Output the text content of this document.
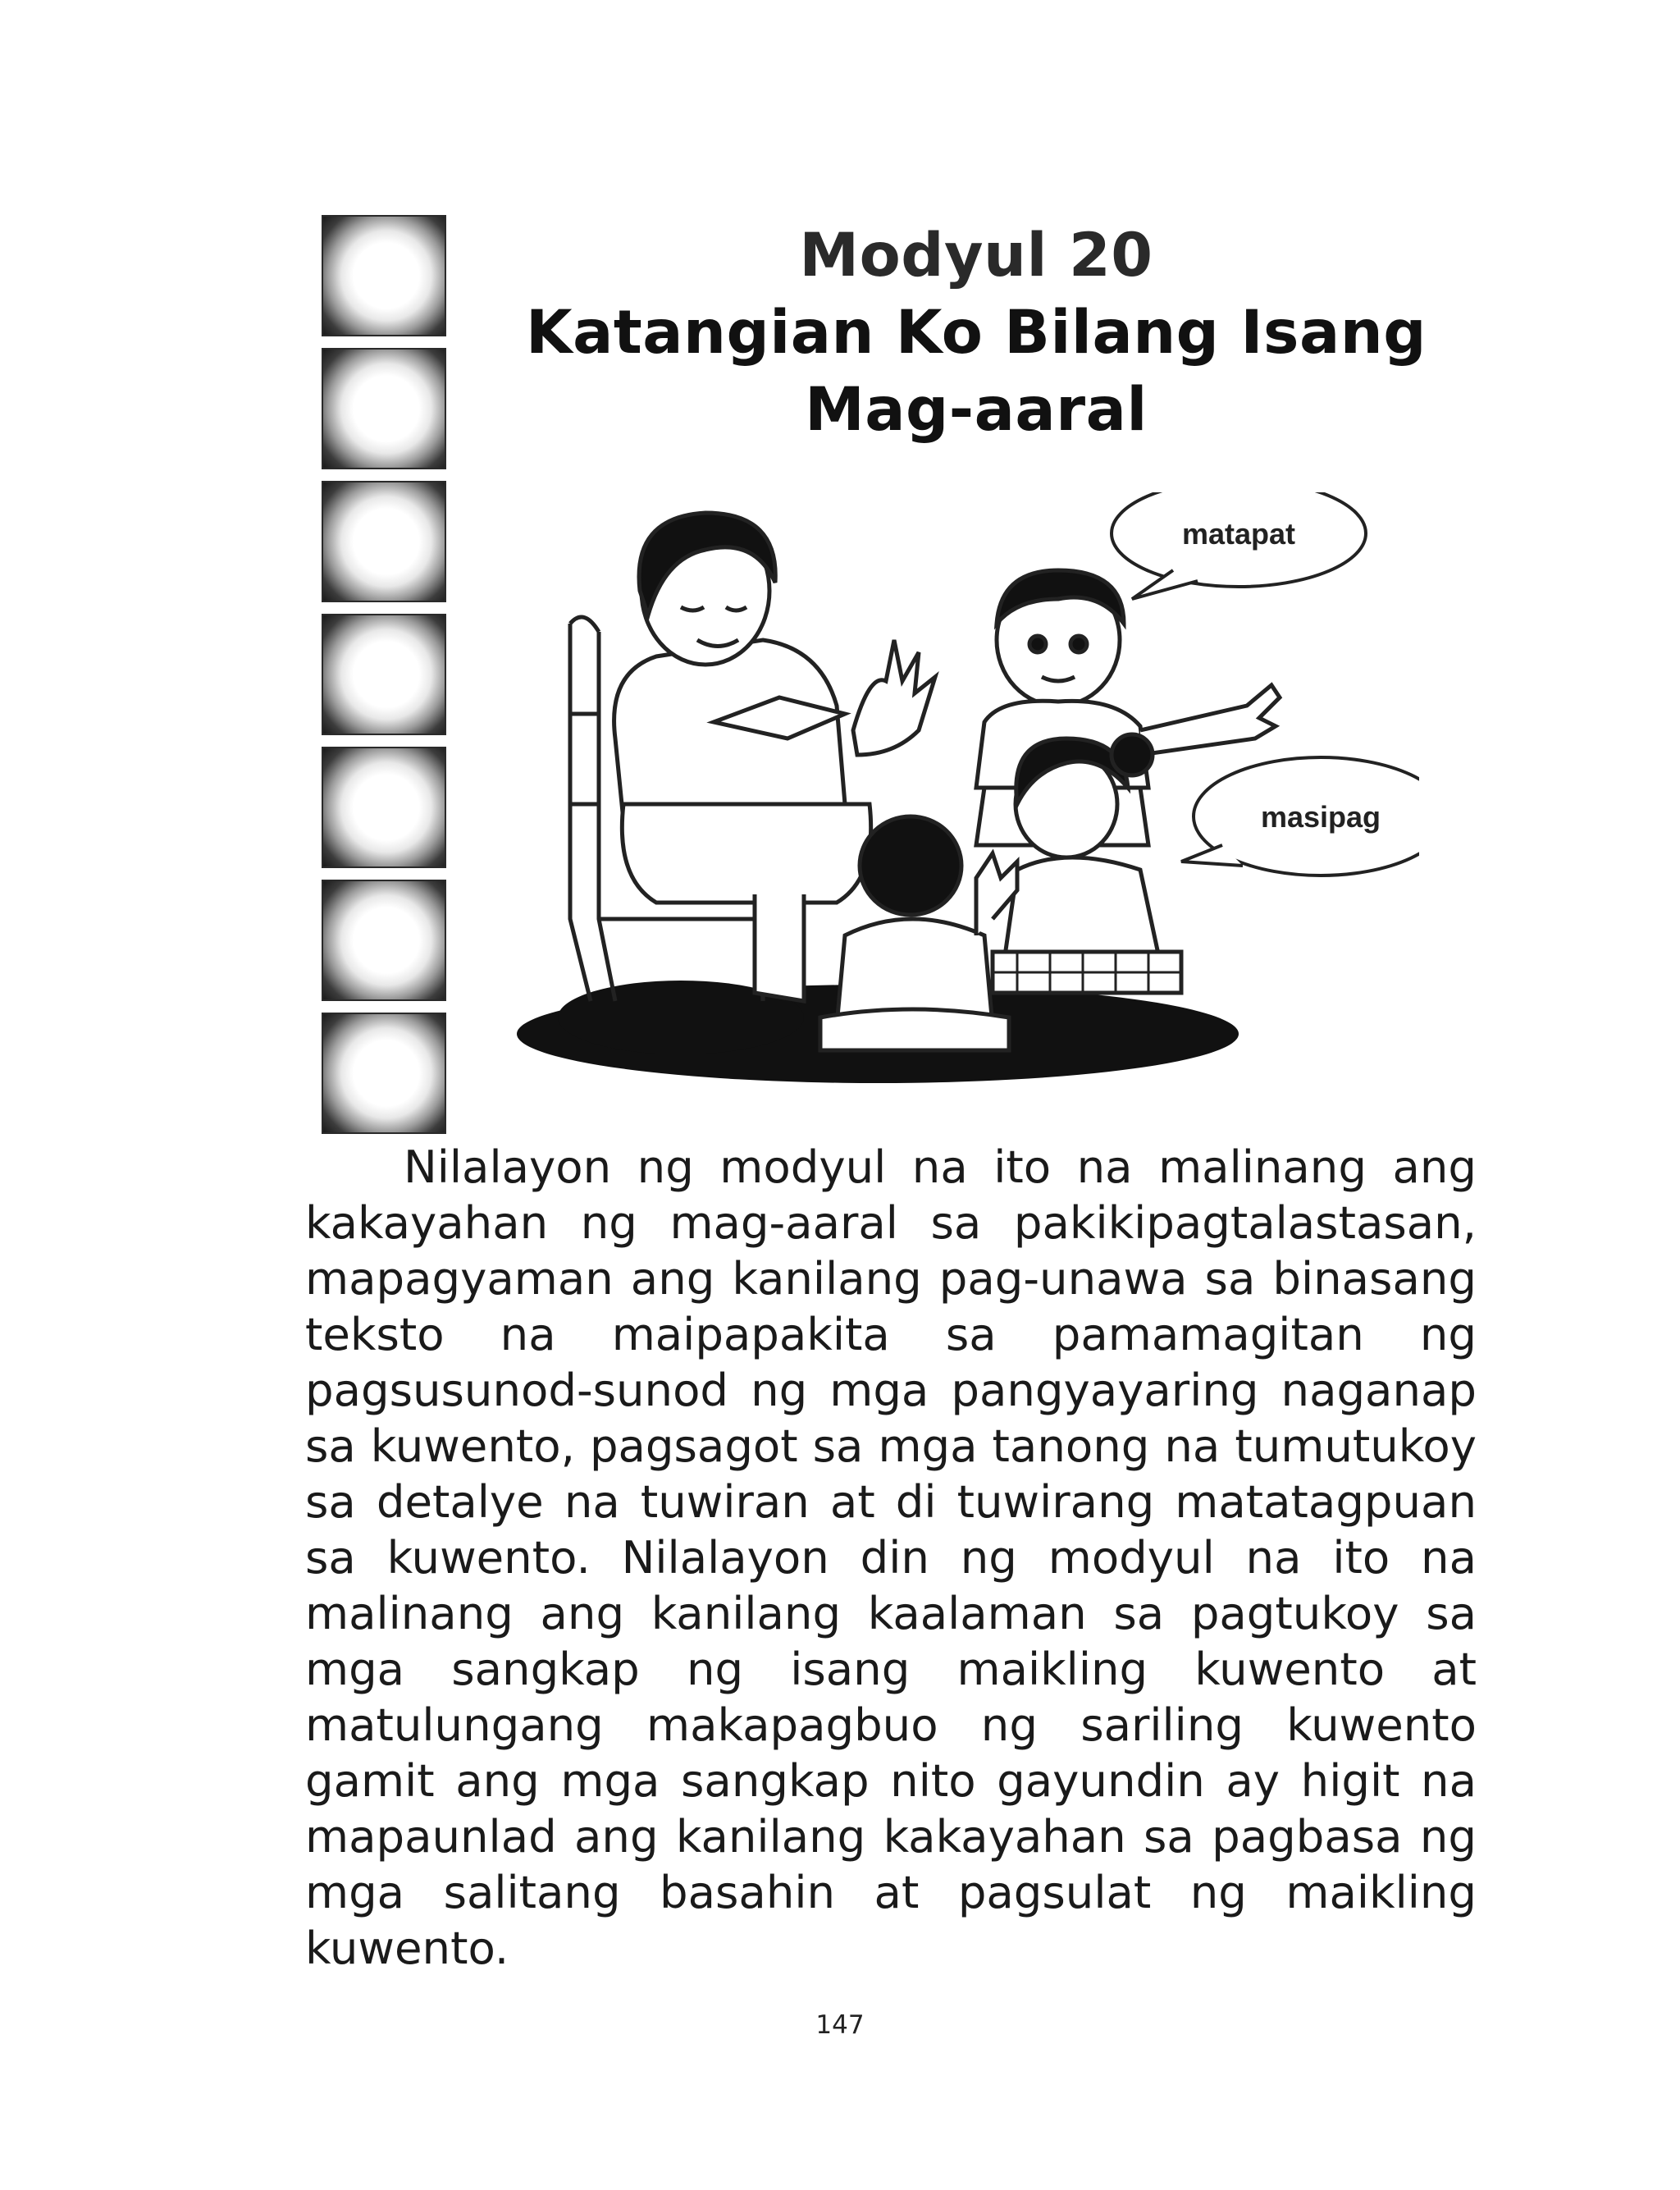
Modyul 20
Katangian Ko Bilang Isang
Mag-aaral
matapat
masipag

Nilalayon ng modyul na ito na malinang ang kakayahan ng mag-aaral sa pakikipagtalastasan, mapagyaman ang kanilang pag-unawa sa binasang teksto na maipapakita sa pamamagitan ng pagsusunod-sunod ng mga pangyayaring naganap sa kuwento, pagsagot sa mga tanong na tumutukoy sa detalye na tuwiran at di tuwirang matatagpuan sa kuwento. Nilalayon din ng modyul na ito na malinang ang kanilang kaalaman sa pagtukoy sa mga sangkap ng isang maikling kuwento at matulungang makapagbuo ng sariling kuwento gamit ang mga sangkap nito gayundin ay higit na mapaunlad ang kanilang kakayahan sa pagbasa ng mga salitang basahin at pagsulat ng maikling kuwento.

147
